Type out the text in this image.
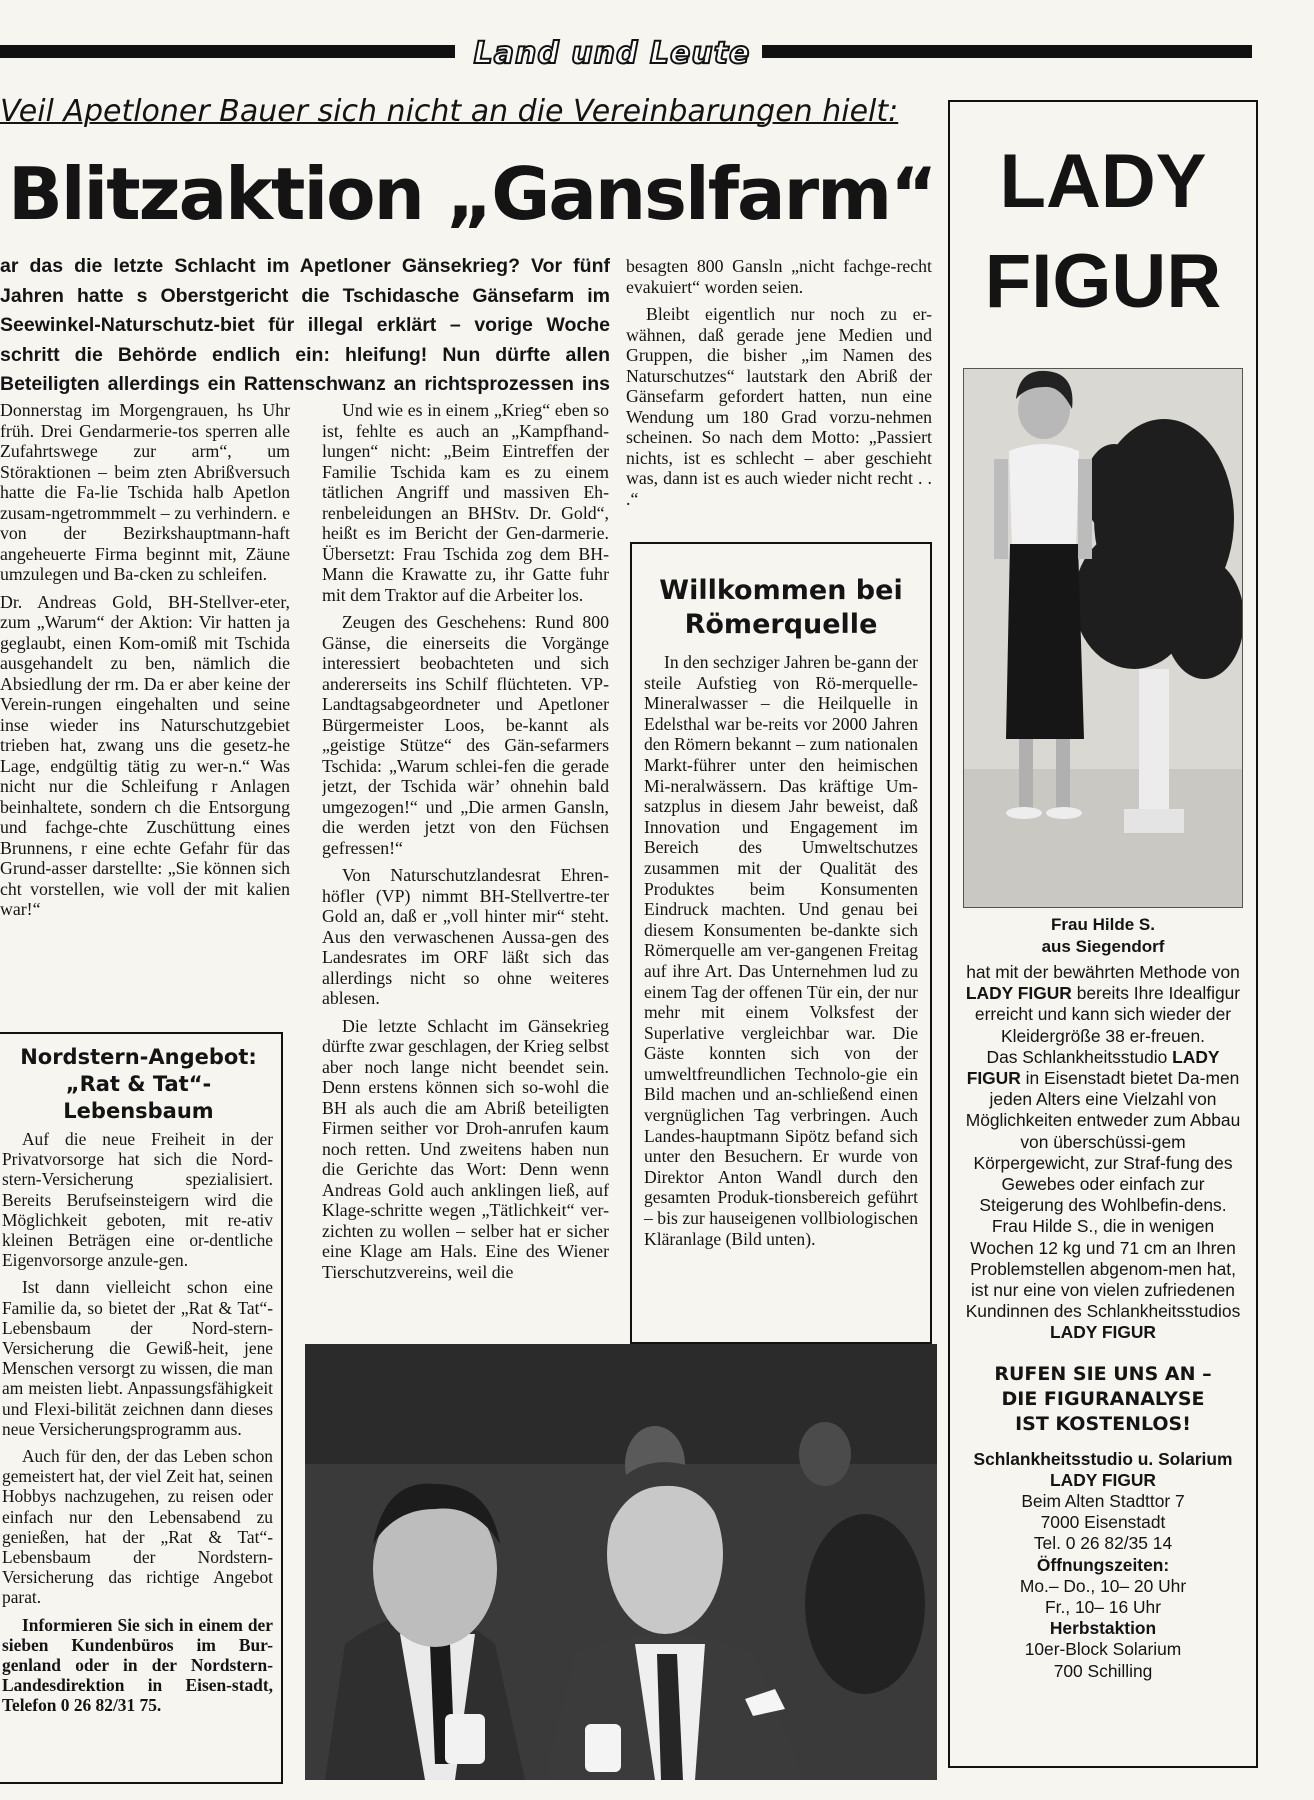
Land und Leute
Veil Apetloner Bauer sich nicht an die Vereinbarungen hielt:
Blitzaktion „Ganslfarm“
ar das die letzte Schlacht im Apetloner Gänsekrieg? Vor fünf Jahren hatte s Oberstgericht die Tschidasche Gänsefarm im Seewinkel-Naturschutz-biet für illegal erklärt – vorige Woche schritt die Behörde endlich ein: hleifung! Nun dürfte allen Beteiligten allerdings ein Rattenschwanz an richtsprozessen ins

Donnerstag im Morgengrauen, hs Uhr früh. Drei Gendarmerie-tos sperren alle Zufahrtswege zur arm“, um Störaktionen – beim zten Abrißversuch hatte die Fa-lie Tschida halb Apetlon zusam-ngetrommmelt – zu verhindern. e von der Bezirkshauptmann-haft angeheuerte Firma beginnt mit, Zäune umzulegen und Ba-cken zu schleifen.

Dr. Andreas Gold, BH-Stellver-eter, zum „Warum“ der Aktion: Vir hatten ja geglaubt, einen Kom-omiß mit Tschida ausgehandelt zu ben, nämlich die Absiedlung der rm. Da er aber keine der Verein-rungen eingehalten und seine inse wieder ins Naturschutzgebiet trieben hat, zwang uns die gesetz-he Lage, endgültig tätig zu wer-n.“ Was nicht nur die Schleifung r Anlagen beinhaltete, sondern ch die Entsorgung und fachge-chte Zuschüttung eines Brunnens, r eine echte Gefahr für das Grund-asser darstellte: „Sie können sich cht vorstellen, wie voll der mit kalien war!“

Und wie es in einem „Krieg“ eben so ist, fehlte es auch an „Kampfhand-lungen“ nicht: „Beim Eintreffen der Familie Tschida kam es zu einem tätlichen Angriff und massiven Eh-renbeleidungen an BHStv. Dr. Gold“, heißt es im Bericht der Gen-darmerie. Übersetzt: Frau Tschida zog dem BH-Mann die Krawatte zu, ihr Gatte fuhr mit dem Traktor auf die Arbeiter los.

Zeugen des Geschehens: Rund 800 Gänse, die einerseits die Vorgänge interessiert beobachteten und sich andererseits ins Schilf flüchteten. VP-Landtagsabgeordneter und Apetloner Bürgermeister Loos, be-kannt als „geistige Stütze“ des Gän-sefarmers Tschida: „Warum schlei-fen die gerade jetzt, der Tschida wär’ ohnehin bald umgezogen!“ und „Die armen Gansln, die werden jetzt von den Füchsen gefressen!“

Von Naturschutzlandesrat Ehren-höfler (VP) nimmt BH-Stellvertre-ter Gold an, daß er „voll hinter mir“ steht. Aus den verwaschenen Aussa-gen des Landesrates im ORF läßt sich das allerdings nicht so ohne weiteres ablesen.

Die letzte Schlacht im Gänsekrieg dürfte zwar geschlagen, der Krieg selbst aber noch lange nicht beendet sein. Denn erstens können sich so-wohl die BH als auch die am Abriß beteiligten Firmen seither vor Droh-anrufen kaum noch retten. Und zweitens haben nun die Gerichte das Wort: Denn wenn Andreas Gold auch anklingen ließ, auf Klage-schritte wegen „Tätlichkeit“ ver-zichten zu wollen – selber hat er sicher eine Klage am Hals. Eine des Wiener Tierschutzvereins, weil die

besagten 800 Gansln „nicht fachge-recht evakuiert“ worden seien.

Bleibt eigentlich nur noch zu er-wähnen, daß gerade jene Medien und Gruppen, die bisher „im Namen des Naturschutzes“ lautstark den Abriß der Gänsefarm gefordert hatten, nun eine Wendung um 180 Grad vorzu-nehmen scheinen. So nach dem Motto: „Passiert nichts, ist es schlecht – aber geschieht was, dann ist es auch wieder nicht recht . . .“

Nordstern-Angebot:
„Rat & Tat“-Lebensbaum

Auf die neue Freiheit in der Privatvorsorge hat sich die Nord-stern-Versicherung spezialisiert. Bereits Berufseinsteigern wird die Möglichkeit geboten, mit re-ativ kleinen Beträgen eine or-dentliche Eigenvorsorge anzule-gen.

Ist dann vielleicht schon eine Familie da, so bietet der „Rat & Tat“-Lebensbaum der Nord-stern-Versicherung die Gewiß-heit, jene Menschen versorgt zu wissen, die man am meisten liebt. Anpassungsfähigkeit und Flexi-bilität zeichnen dann dieses neue Versicherungsprogramm aus.

Auch für den, der das Leben schon gemeistert hat, der viel Zeit hat, seinen Hobbys nachzugehen, zu reisen oder einfach nur den Lebensabend zu genießen, hat der „Rat & Tat“-Lebensbaum der Nordstern-Versicherung das richtige Angebot parat.

Informieren Sie sich in einem der sieben Kundenbüros im Bur-genland oder in der Nordstern-Landesdirektion in Eisen-stadt, Telefon 0 26 82/31 75.

Willkommen bei
Römerquelle

In den sechziger Jahren be-gann der steile Aufstieg von Rö-merquelle-Mineralwasser – die Heilquelle in Edelsthal war be-reits vor 2000 Jahren den Römern bekannt – zum nationalen Markt-führer unter den heimischen Mi-neralwässern. Das kräftige Um-satzplus in diesem Jahr beweist, daß Innovation und Engagement im Bereich des Umweltschutzes zusammen mit der Qualität des Produktes beim Konsumenten Eindruck machten. Und genau bei diesem Konsumenten be-dankte sich Römerquelle am ver-gangenen Freitag auf ihre Art. Das Unternehmen lud zu einem Tag der offenen Tür ein, der nur mehr mit einem Volksfest der Superlative vergleichbar war. Die Gäste konnten sich von der umweltfreundlichen Technolo-gie ein Bild machen und an-schließend einen vergnüglichen Tag verbringen. Auch Landes-hauptmann Sipötz befand sich unter den Besuchern. Er wurde von Direktor Anton Wandl durch den gesamten Produk-tionsbereich geführt – bis zur hauseigenen vollbiologischen Kläranlage (Bild unten).

LADY
FIGUR
Frau Hilde S.
aus Siegendorf
hat mit der bewährten Methode von LADY FIGUR bereits Ihre Idealfigur erreicht und kann sich wieder der Kleidergröße 38 er-freuen.
Das Schlankheitsstudio LADY FIGUR in Eisenstadt bietet Da-men jeden Alters eine Vielzahl von Möglichkeiten entweder zum Abbau von überschüssi-gem Körpergewicht, zur Straf-fung des Gewebes oder einfach zur Steigerung des Wohlbefin-dens.
Frau Hilde S., die in wenigen Wochen 12 kg und 71 cm an Ihren Problemstellen abgenom-men hat, ist nur eine von vielen zufriedenen Kundinnen des Schlankheitsstudios LADY FIGUR
RUFEN SIE UNS AN –
DIE FIGURANALYSE
IST KOSTENLOS!
Schlankheitsstudio u. Solarium
LADY FIGUR
Beim Alten Stadttor 7
7000 Eisenstadt
Tel. 0 26 82/35 14
Öffnungszeiten:
Mo.– Do., 10– 20 Uhr
Fr., 10– 16 Uhr
Herbstaktion
10er-Block Solarium
700 Schilling
